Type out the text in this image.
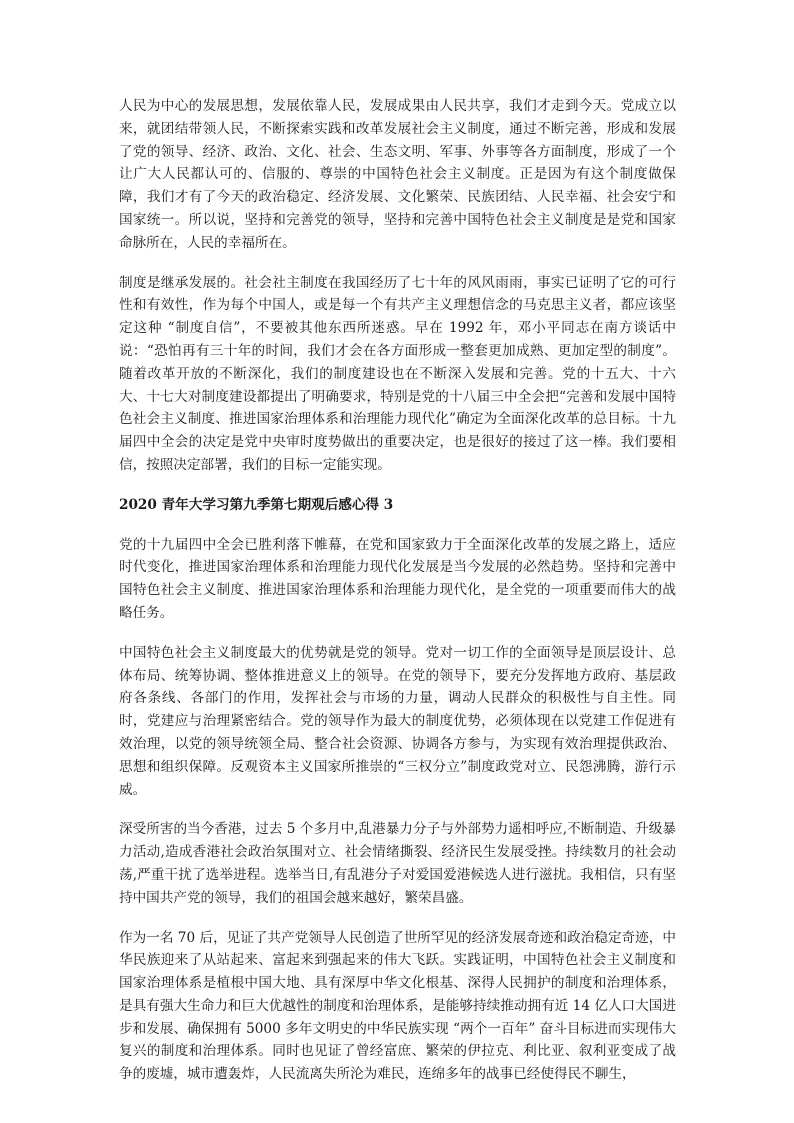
人民为中心的发展思想，发展依靠人民，发展成果由人民共享，我们才走到今天。党成立以来，就团结带领人民，不断探索实践和改革发展社会主义制度，通过不断完善，形成和发展了党的领导、经济、政治、文化、社会、生态文明、军事、外事等各方面制度，形成了一个让广大人民都认可的、信服的、尊崇的中国特色社会主义制度。正是因为有这个制度做保障，我们才有了今天的政治稳定、经济发展、文化繁荣、民族团结、人民幸福、社会安宁和国家统一。所以说，坚持和完善党的领导，坚持和完善中国特色社会主义制度是是党和国家命脉所在，人民的幸福所在。

制度是继承发展的。社会社主制度在我国经历了七十年的风风雨雨，事实已证明了它的可行性和有效性，作为每个中国人，或是每一个有共产主义理想信念的马克思主义者，都应该坚定这种 “制度自信”，不要被其他东西所迷惑。早在 1992 年，邓小平同志在南方谈话中说：“恐怕再有三十年的时间，我们才会在各方面形成一整套更加成熟、更加定型的制度”。随着改革开放的不断深化，我们的制度建设也在不断深入发展和完善。党的十五大、十六大、十七大对制度建设都提出了明确要求，特别是党的十八届三中全会把“完善和发展中国特色社会主义制度、推进国家治理体系和治理能力现代化”确定为全面深化改革的总目标。十九届四中全会的决定是党中央审时度势做出的重要决定，也是很好的接过了这一棒。我们要相信，按照决定部署，我们的目标一定能实现。

2020 青年大学习第九季第七期观后感心得 3

党的十九届四中全会已胜利落下帷幕，在党和国家致力于全面深化改革的发展之路上，适应时代变化，推进国家治理体系和治理能力现代化发展是当今发展的必然趋势。坚持和完善中国特色社会主义制度、推进国家治理体系和治理能力现代化，是全党的一项重要而伟大的战略任务。

中国特色社会主义制度最大的优势就是党的领导。党对一切工作的全面领导是顶层设计、总体布局、统筹协调、整体推进意义上的领导。在党的领导下，要充分发挥地方政府、基层政府各条线、各部门的作用，发挥社会与市场的力量，调动人民群众的积极性与自主性。同时，党建应与治理紧密结合。党的领导作为最大的制度优势，必须体现在以党建工作促进有效治理，以党的领导统领全局、整合社会资源、协调各方参与，为实现有效治理提供政治、思想和组织保障。反观资本主义国家所推崇的“三权分立”制度政党对立、民怨沸腾，游行示威。

深受所害的当今香港，过去 5 个多月中,乱港暴力分子与外部势力遥相呼应,不断制造、升级暴力活动,造成香港社会政治氛围对立、社会情绪撕裂、经济民生发展受挫。持续数月的社会动荡,严重干扰了选举进程。选举当日,有乱港分子对爱国爱港候选人进行滋扰。我相信，只有坚持中国共产党的领导，我们的祖国会越来越好，繁荣昌盛。

作为一名 70 后，见证了共产党领导人民创造了世所罕见的经济发展奇迹和政治稳定奇迹，中华民族迎来了从站起来、富起来到强起来的伟大飞跃。实践证明，中国特色社会主义制度和国家治理体系是植根中国大地、具有深厚中华文化根基、深得人民拥护的制度和治理体系，是具有强大生命力和巨大优越性的制度和治理体系，是能够持续推动拥有近 14 亿人口大国进步和发展、确保拥有 5000 多年文明史的中华民族实现 “两个一百年” 奋斗目标进而实现伟大复兴的制度和治理体系。同时也见证了曾经富庶、繁荣的伊拉克、利比亚、叙利亚变成了战争的废墟，城市遭轰炸，人民流离失所沦为难民，连绵多年的战事已经使得民不聊生，
